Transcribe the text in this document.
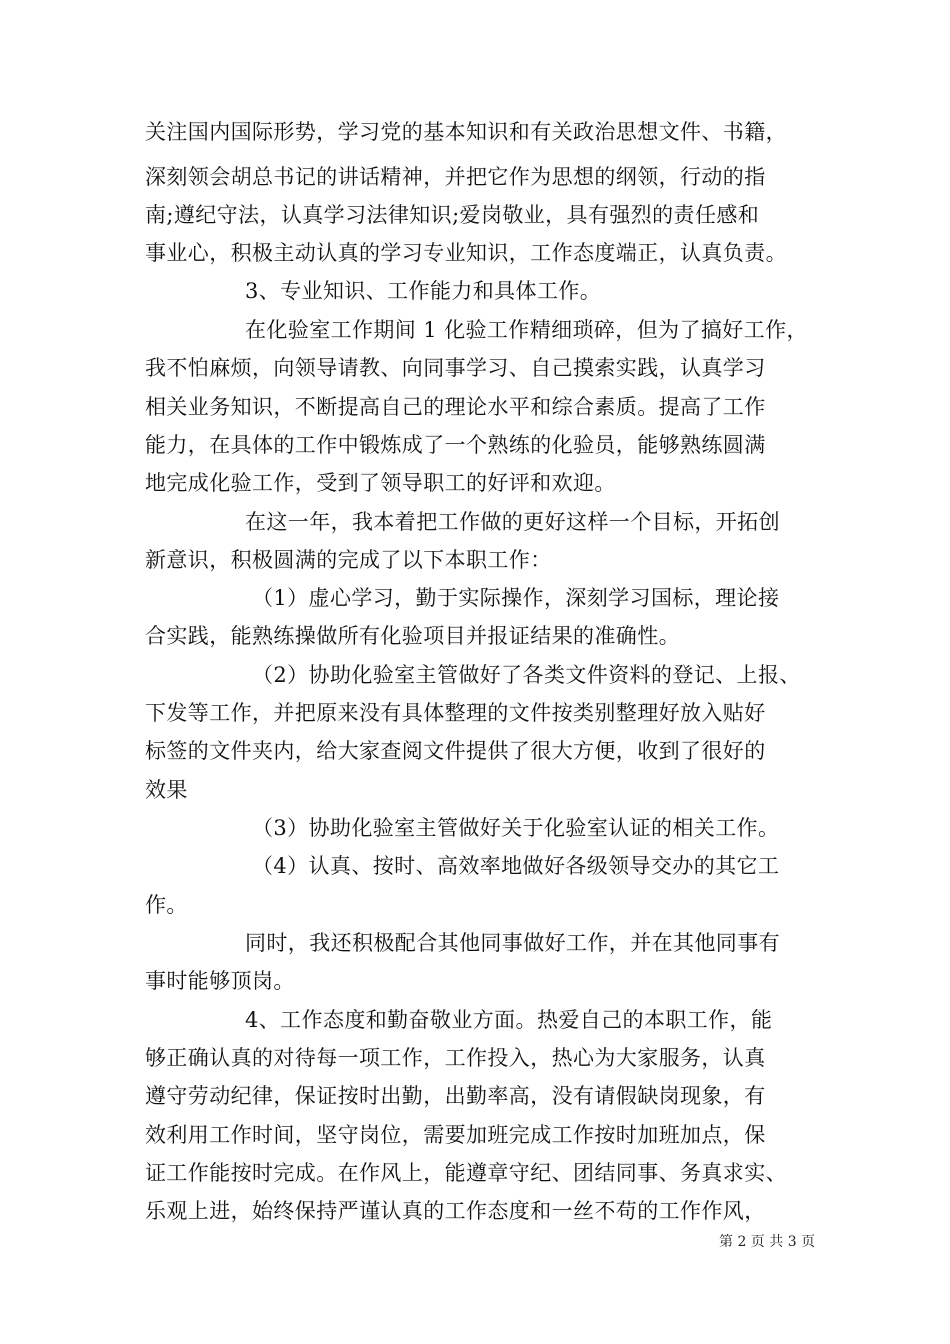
关注国内国际形势，学习党的基本知识和有关政治思想文件、书籍，
深刻领会胡总书记的讲话精神，并把它作为思想的纲领，行动的指
南;遵纪守法，认真学习法律知识;爱岗敬业，具有强烈的责任感和
事业心，积极主动认真的学习专业知识，工作态度端正，认真负责。
3、专业知识、工作能力和具体工作。
在化验室工作期间 1 化验工作精细琐碎，但为了搞好工作，
我不怕麻烦，向领导请教、向同事学习、自己摸索实践，认真学习
相关业务知识，不断提高自己的理论水平和综合素质。提高了工作
能力，在具体的工作中锻炼成了一个熟练的化验员，能够熟练圆满
地完成化验工作，受到了领导职工的好评和欢迎。
在这一年，我本着把工作做的更好这样一个目标，开拓创
新意识，积极圆满的完成了以下本职工作：
（1）虚心学习，勤于实际操作，深刻学习国标，理论接
合实践，能熟练操做所有化验项目并报证结果的准确性。
（2）协助化验室主管做好了各类文件资料的登记、上报、
下发等工作，并把原来没有具体整理的文件按类别整理好放入贴好
标签的文件夹内，给大家查阅文件提供了很大方便，收到了很好的
效果
（3）协助化验室主管做好关于化验室认证的相关工作。
（4）认真、按时、高效率地做好各级领导交办的其它工
作。
同时，我还积极配合其他同事做好工作，并在其他同事有
事时能够顶岗。
4、工作态度和勤奋敬业方面。热爱自己的本职工作，能
够正确认真的对待每一项工作，工作投入，热心为大家服务，认真
遵守劳动纪律，保证按时出勤，出勤率高，没有请假缺岗现象，有
效利用工作时间，坚守岗位，需要加班完成工作按时加班加点，保
证工作能按时完成。在作风上，能遵章守纪、团结同事、务真求实、
乐观上进，始终保持严谨认真的工作态度和一丝不苟的工作作风，
第 2 页 共 3 页
